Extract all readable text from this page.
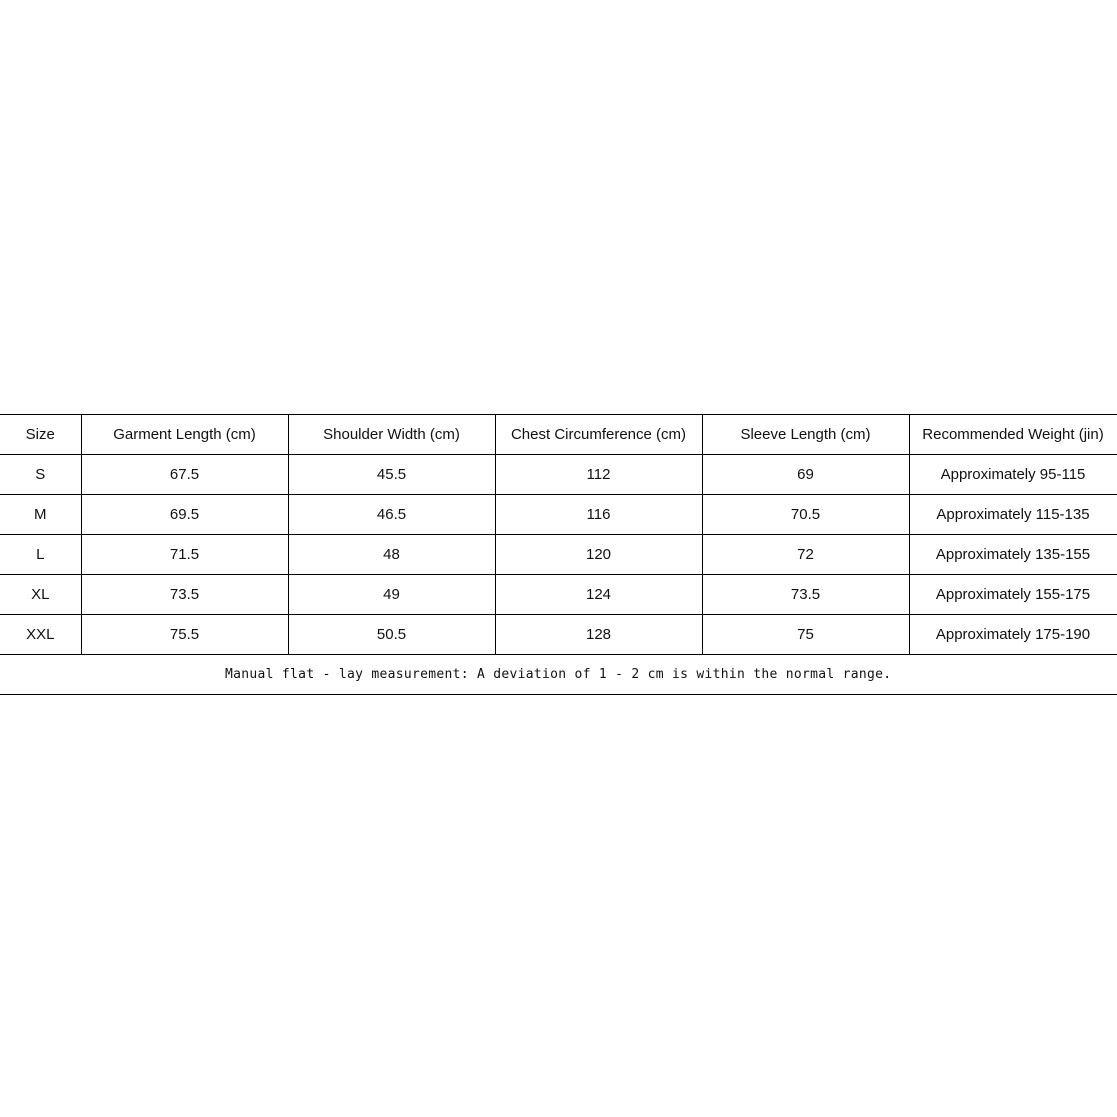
Size	Garment Length (cm)	Shoulder Width (cm)	Chest Circumference (cm)	Sleeve Length (cm)	Recommended Weight (jin)
S	67.5	45.5	112	69	Approximately 95-115
M	69.5	46.5	116	70.5	Approximately 115-135
L	71.5	48	120	72	Approximately 135-155
XL	73.5	49	124	73.5	Approximately 155-175
XXL	75.5	50.5	128	75	Approximately 175-190
Manual flat - lay measurement: A deviation of 1 - 2 cm is within the normal range.					
